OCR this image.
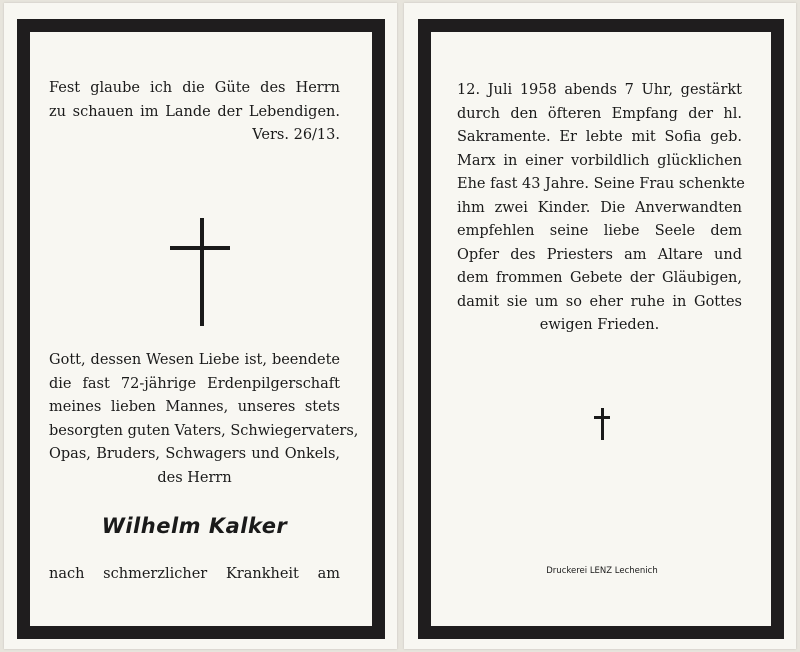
Fest glaube ich die Güte des Herrn
zu schauen im Lande der Lebendigen.
Vers. 26/13.
Gott, dessen Wesen Liebe ist, beendete
die fast 72-jährige Erdenpilgerschaft
meines lieben Mannes, unseres stets
besorgten guten Vaters, Schwiegervaters,
Opas, Bruders, Schwagers und Onkels,
des Herrn
Wilhelm Kalker
nach schmerzlicher Krankheit am
12. Juli 1958 abends 7 Uhr, gestärkt
durch den öfteren Empfang der hl.
Sakramente. Er lebte mit Sofia geb.
Marx in einer vorbildlich glücklichen
Ehe fast 43 Jahre. Seine Frau schenkte
ihm zwei Kinder. Die Anverwandten
empfehlen seine liebe Seele dem
Opfer des Priesters am Altare und
dem frommen Gebete der Gläubigen,
damit sie um so eher ruhe in Gottes
ewigen Frieden.
Druckerei LENZ Lechenich
